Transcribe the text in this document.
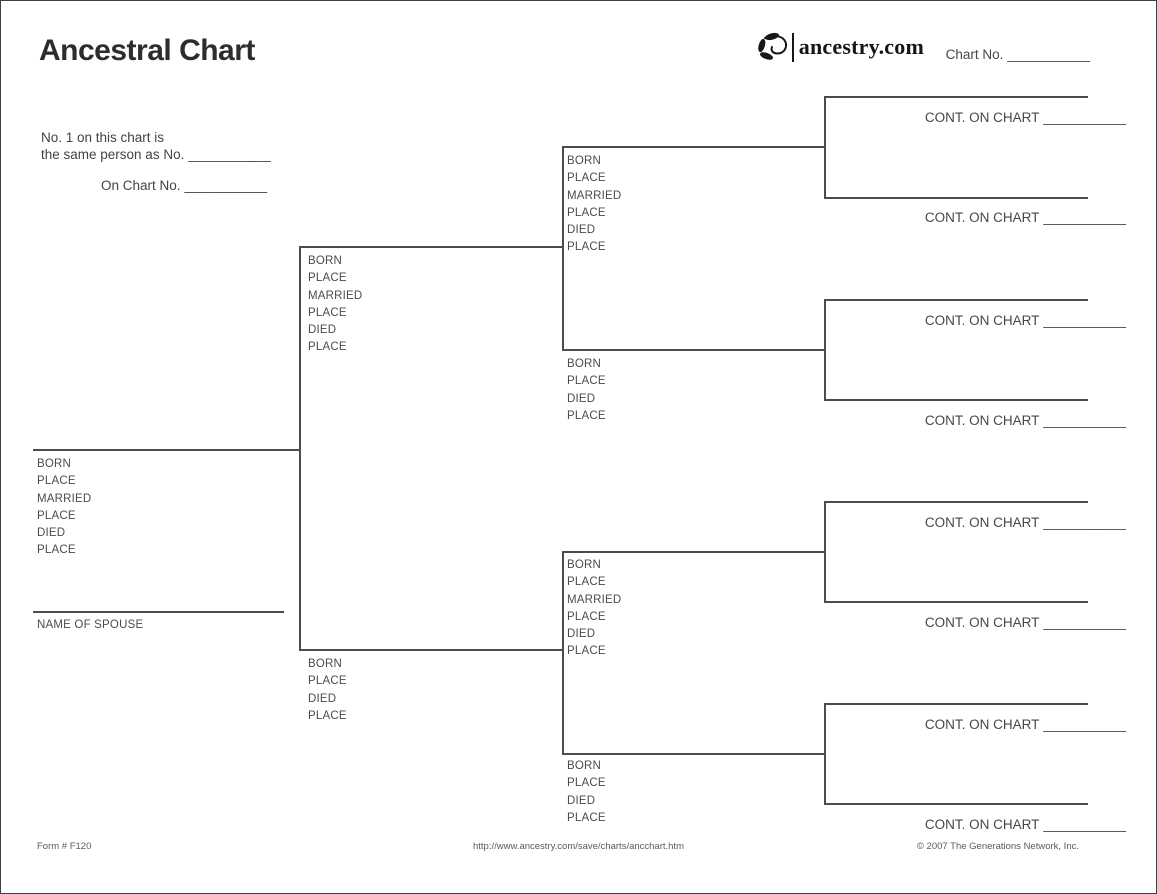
Ancestral Chart	ancestry.com Chart No. ___________
No. 1 on this chart is
the same person as No. ___________
On Chart No. ___________
BORN
PLACE
MARRIED
PLACE
DIED
PLACE
NAME OF SPOUSE
BORN
PLACE
MARRIED
PLACE
DIED
PLACE
BORN
PLACE
DIED
PLACE
BORN
PLACE
MARRIED
PLACE
DIED
PLACE
BORN
PLACE
DIED
PLACE
BORN
PLACE
MARRIED
PLACE
DIED
PLACE
BORN
PLACE
DIED
PLACE
CONT. ON CHART ___________
CONT. ON CHART ___________
CONT. ON CHART ___________
CONT. ON CHART ___________
CONT. ON CHART ___________
CONT. ON CHART ___________
CONT. ON CHART ___________
CONT. ON CHART ___________
Form # F120	http://www.ancestry.com/save/charts/ancchart.htm	© 2007 The Generations Network, Inc.
